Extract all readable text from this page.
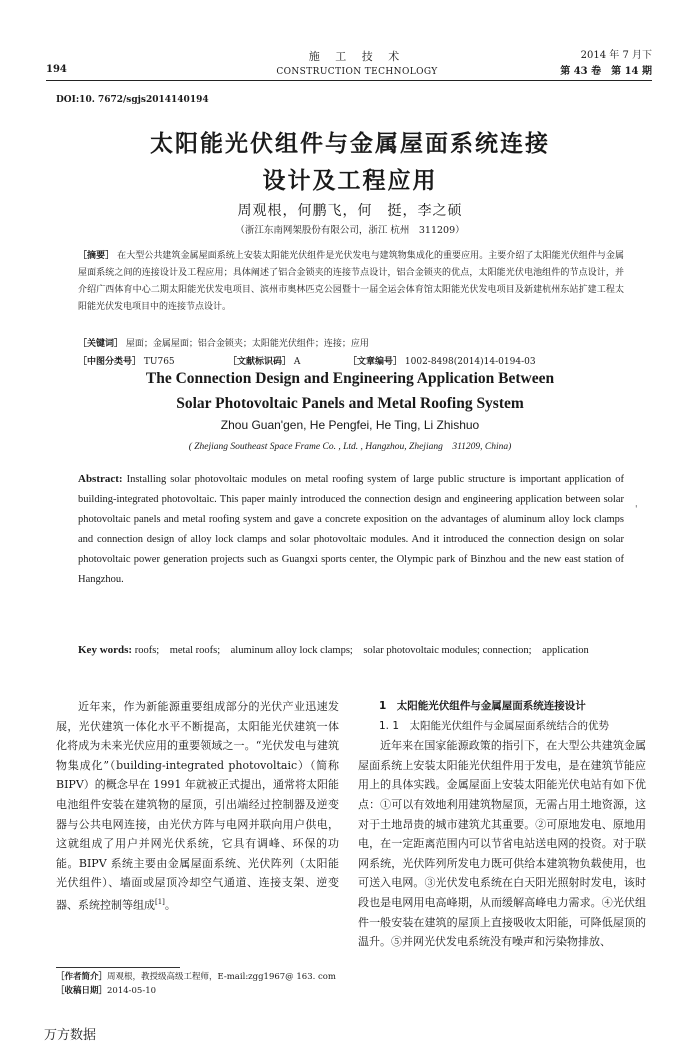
194
施 工 技 术
CONSTRUCTION TECHNOLOGY
2014 年 7 月下
第 43 卷　第 14 期
DOI:10. 7672/sgjs2014140194
太阳能光伏组件与金属屋面系统连接
设计及工程应用
周观根，何鹏飞，何　挺，李之硕
（浙江东南网架股份有限公司，浙江 杭州　311209）
［摘要］ 在大型公共建筑金属屋面系统上安装太阳能光伏组件是光伏发电与建筑物集成化的重要应用。主要介绍了太阳能光伏组件与金属屋面系统之间的连接设计及工程应用；具体阐述了铝合金锁夹的连接节点设计，铝合金锁夹的优点，太阳能光伏电池组件的节点设计，并介绍广西体育中心二期太阳能光伏发电项目、滨州市奥林匹克公园暨十一届全运会体育馆太阳能光伏发电项目及新建杭州东站扩建工程太阳能光伏发电项目中的连接节点设计。
［关键词］ 屋面；金属屋面；铝合金锁夹；太阳能光伏组件；连接；应用
［中图分类号］ TU765	［文献标识码］ A	［文章编号］ 1002-8498(2014)14-0194-03
The Connection Design and Engineering Application Between
Solar Photovoltaic Panels and Metal Roofing System
Zhou Guan'gen, He Pengfei, He Ting, Li Zhishuo
( Zhejiang Southeast Space Frame Co. , Ltd. , Hangzhou, Zhejiang　311209, China)
Abstract: Installing solar photovoltaic modules on metal roofing system of large public structure is important application of building-integrated photovoltaic. This paper mainly introduced the connection design and engineering application between solar photovoltaic panels and metal roofing system and gave a concrete exposition on the advantages of aluminum alloy lock clamps and connection design of alloy lock clamps and solar photovoltaic modules. And it introduced the connection design on solar photovoltaic power generation projects such as Guangxi sports center, the Olympic park of Binzhou and the new east station of Hangzhou.
'
Key words: roofs;　metal roofs;　aluminum alloy lock clamps;　solar photovoltaic modules; connection;　application

近年来，作为新能源重要组成部分的光伏产业迅速发展，光伏建筑一体化水平不断提高，太阳能光伏建筑一体化将成为未来光伏应用的重要领域之一。“光伏发电与建筑物集成化”（building-integrated photovoltaic）（简称 BIPV）的概念早在 1991 年就被正式提出，通常将太阳能电池组件安装在建筑物的屋顶，引出端经过控制器及逆变器与公共电网连接，由光伏方阵与电网并联向用户供电，这就组成了用户并网光伏系统，它具有调峰、环保的功能。BIPV 系统主要由金属屋面系统、光伏阵列（太阳能光伏组件）、墙面或屋顶冷却空气通道、连接支架、逆变器、系统控制等组成[1]。

1　太阳能光伏组件与金属屋面系统连接设计

1. 1　太阳能光伏组件与金属屋面系统结合的优势

近年来在国家能源政策的指引下，在大型公共建筑金属屋面系统上安装太阳能光伏组件用于发电，是在建筑节能应用上的具体实践。金属屋面上安装太阳能光伏电站有如下优点：①可以有效地利用建筑物屋顶，无需占用土地资源，这对于土地昂贵的城市建筑尤其重要。②可原地发电、原地用电，在一定距离范围内可以节省电站送电网的投资。对于联网系统，光伏阵列所发电力既可供给本建筑物负载使用，也可送入电网。③光伏发电系统在白天阳光照射时发电，该时段也是电网用电高峰期，从而缓解高峰电力需求。④光伏组件一般安装在建筑的屋顶上直接吸收太阳能，可降低屋顶的温升。⑤并网光伏发电系统没有噪声和污染物排放、

［作者简介］周观根，教授级高级工程师，E-mail:zgg1967@ 163. com
［收稿日期］2014-05-10
万方数据
